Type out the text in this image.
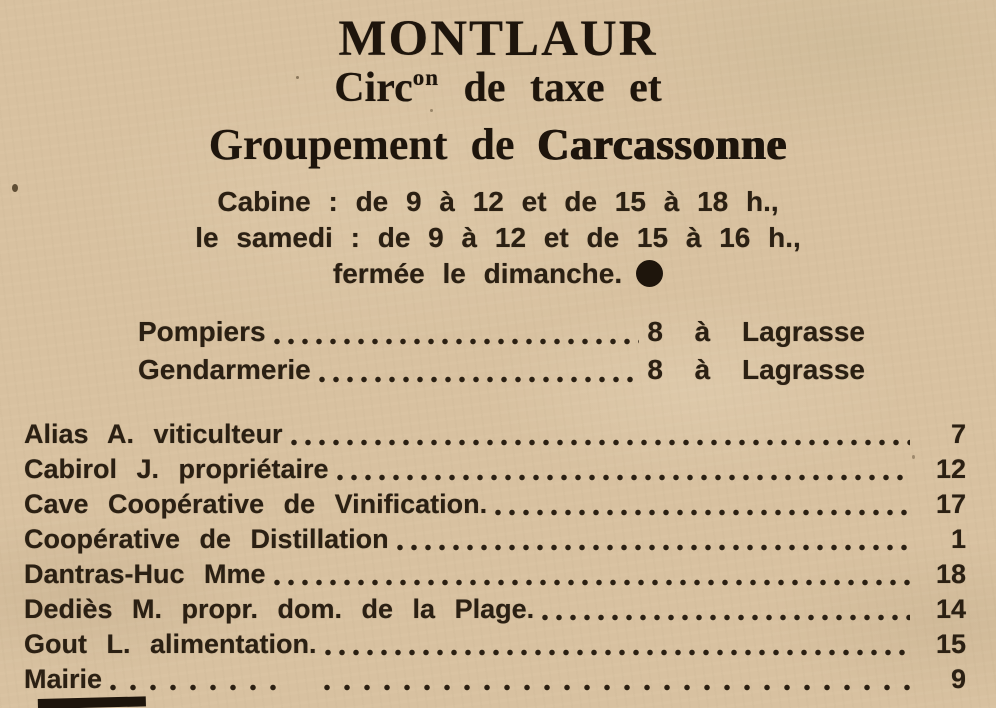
MONTLAUR
Circ$^{on}$ de taxe et
Groupement de Carcassonne
Cabine : de 9 à 12 et de 15 à 18 h.,
le samedi : de 9 à 12 et de 15 à 16 h.,
fermée le dimanche.
Pompiers	8 à Lagrasse
Gendarmerie	8 à Lagrasse
Alias A. viticulteur	7
Cabirol J. propriétaire	12
Cave Coopérative de Vinification.	17
Coopérative de Distillation	1
Dantras-Huc Mme	18
Dediès M. propr. dom. de la Plage.	14
Gout L. alimentation.	15
Mairie	9
